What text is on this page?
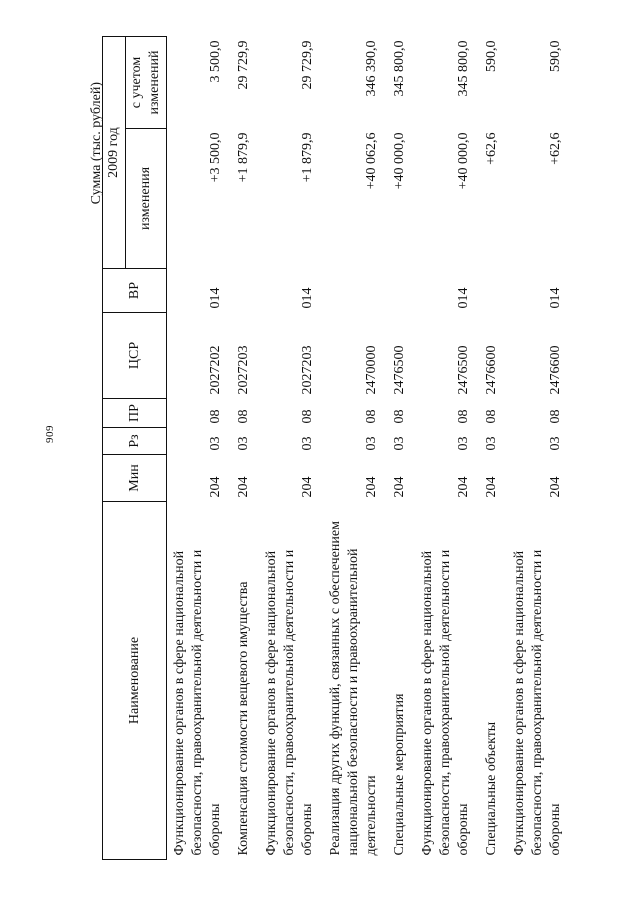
909
Сумма (тыс. рублей)
Наименование	Мин	Рз	ПР	ЦСР	ВР	2009 год	
						изменения	с учетом изменений
Функционирование органов в сфере национальной безопасности, правоохранительной деятельности и обороны	204	03	08	2027202	014	+3 500,0	3 500,0
Компенсация стоимости вещевого имущества	204	03	08	2027203		+1 879,9	29 729,9
Функционирование органов в сфере национальной безопасности, правоохранительной деятельности и обороны	204	03	08	2027203	014	+1 879,9	29 729,9
Реализация других функций, связанных с обеспечением национальной безопасности и правоохранительной деятельности	204	03	08	2470000		+40 062,6	346 390,0
Специальные мероприятия	204	03	08	2476500		+40 000,0	345 800,0
Функционирование органов в сфере национальной безопасности, правоохранительной деятельности и обороны	204	03	08	2476500	014	+40 000,0	345 800,0
Специальные объекты	204	03	08	2476600		+62,6	590,0
Функционирование органов в сфере национальной безопасности, правоохранительной деятельности и обороны	204	03	08	2476600	014	+62,6	590,0
